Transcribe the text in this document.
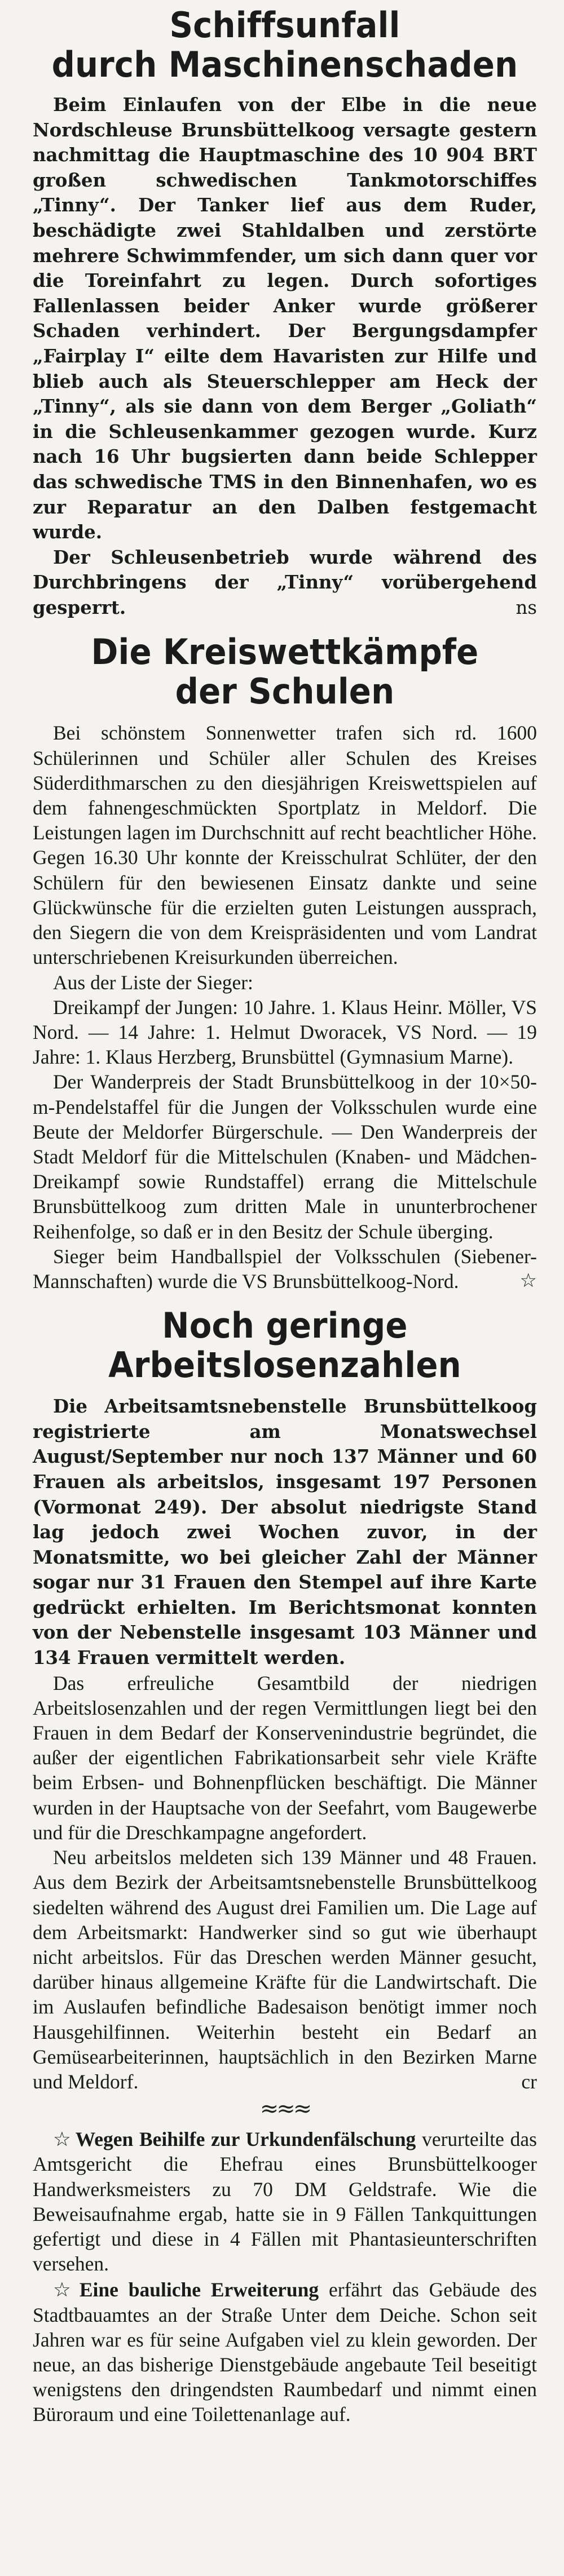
Schiffsunfall
durch Maschinenschaden

Beim Einlaufen von der Elbe in die neue Nordschleuse Brunsbüttelkoog versagte gestern nachmittag die Hauptmaschine des 10 904 BRT großen schwedischen Tankmotorschiffes „Tinny“. Der Tanker lief aus dem Ruder, beschädigte zwei Stahldalben und zerstörte mehrere Schwimmfender, um sich dann quer vor die Toreinfahrt zu legen. Durch sofortiges Fallenlassen beider Anker wurde größerer Schaden verhindert. Der Bergungsdampfer „Fairplay I“ eilte dem Havaristen zur Hilfe und blieb auch als Steuerschlepper am Heck der „Tinny“, als sie dann von dem Berger „Goliath“ in die Schleusenkammer gezogen wurde. Kurz nach 16 Uhr bugsierten dann beide Schlepper das schwedische TMS in den Binnenhafen, wo es zur Reparatur an den Dalben festgemacht wurde.

Der Schleusenbetrieb wurde während des Durchbringens der „Tinny“ vorübergehend gesperrt.	ns

Die Kreiswettkämpfe
der Schulen

Bei schönstem Sonnenwetter trafen sich rd. 1600 Schülerinnen und Schüler aller Schulen des Kreises Süderdithmarschen zu den diesjährigen Kreiswettspielen auf dem fahnengeschmückten Sportplatz in Meldorf. Die Leistungen lagen im Durchschnitt auf recht beachtlicher Höhe. Gegen 16.30 Uhr konnte der Kreisschulrat Schlüter, der den Schülern für den bewiesenen Einsatz dankte und seine Glückwünsche für die erzielten guten Leistungen aussprach, den Siegern die von dem Kreispräsidenten und vom Landrat unterschriebenen Kreisurkunden überreichen.

Aus der Liste der Sieger:

Dreikampf der Jungen: 10 Jahre. 1. Klaus Heinr. Möller, VS Nord. — 14 Jahre: 1. Helmut Dworacek, VS Nord. — 19 Jahre: 1. Klaus Herzberg, Brunsbüttel (Gymnasium Marne).

Der Wanderpreis der Stadt Brunsbüttelkoog in der 10×50-m-Pendelstaffel für die Jungen der Volksschulen wurde eine Beute der Meldorfer Bürgerschule. — Den Wanderpreis der Stadt Meldorf für die Mittelschulen (Knaben- und Mädchen-Dreikampf sowie Rundstaffel) errang die Mittelschule Brunsbüttelkoog zum dritten Male in ununterbrochener Reihenfolge, so daß er in den Besitz der Schule überging.

Sieger beim Handballspiel der Volksschulen (Siebener-Mannschaften) wurde die VS Brunsbüttelkoog-Nord.	☆

Noch geringe
Arbeitslosenzahlen

Die Arbeitsamtsnebenstelle Brunsbüttelkoog registrierte am Monatswechsel August/September nur noch 137 Männer und 60 Frauen als arbeitslos, insgesamt 197 Personen (Vormonat 249). Der absolut niedrigste Stand lag jedoch zwei Wochen zuvor, in der Monatsmitte, wo bei gleicher Zahl der Männer sogar nur 31 Frauen den Stempel auf ihre Karte gedrückt erhielten. Im Berichtsmonat konnten von der Nebenstelle insgesamt 103 Männer und 134 Frauen vermittelt werden.

Das erfreuliche Gesamtbild der niedrigen Arbeitslosenzahlen und der regen Vermittlungen liegt bei den Frauen in dem Bedarf der Konservenindustrie begründet, die außer der eigentlichen Fabrikationsarbeit sehr viele Kräfte beim Erbsen- und Bohnenpflücken beschäftigt. Die Männer wurden in der Hauptsache von der Seefahrt, vom Baugewerbe und für die Dreschkampagne angefordert.

Neu arbeitslos meldeten sich 139 Männer und 48 Frauen. Aus dem Bezirk der Arbeitsamtsnebenstelle Brunsbüttelkoog siedelten während des August drei Familien um. Die Lage auf dem Arbeitsmarkt: Handwerker sind so gut wie überhaupt nicht arbeitslos. Für das Dreschen werden Männer gesucht, darüber hinaus allgemeine Kräfte für die Landwirtschaft. Die im Auslaufen befindliche Badesaison benötigt immer noch Hausgehilfinnen. Weiterhin besteht ein Bedarf an Gemüsearbeiterinnen, hauptsächlich in den Bezirken Marne und Meldorf.	cr

≈≈≈

☆ Wegen Beihilfe zur Urkundenfälschung verurteilte das Amtsgericht die Ehefrau eines Brunsbüttelkooger Handwerksmeisters zu 70 DM Geldstrafe. Wie die Beweisaufnahme ergab, hatte sie in 9 Fällen Tankquittungen gefertigt und diese in 4 Fällen mit Phantasieunterschriften versehen.

☆ Eine bauliche Erweiterung erfährt das Gebäude des Stadtbauamtes an der Straße Unter dem Deiche. Schon seit Jahren war es für seine Aufgaben viel zu klein geworden. Der neue, an das bisherige Dienstgebäude angebaute Teil beseitigt wenigstens den dringendsten Raumbedarf und nimmt einen Büroraum und eine Toilettenanlage auf.
